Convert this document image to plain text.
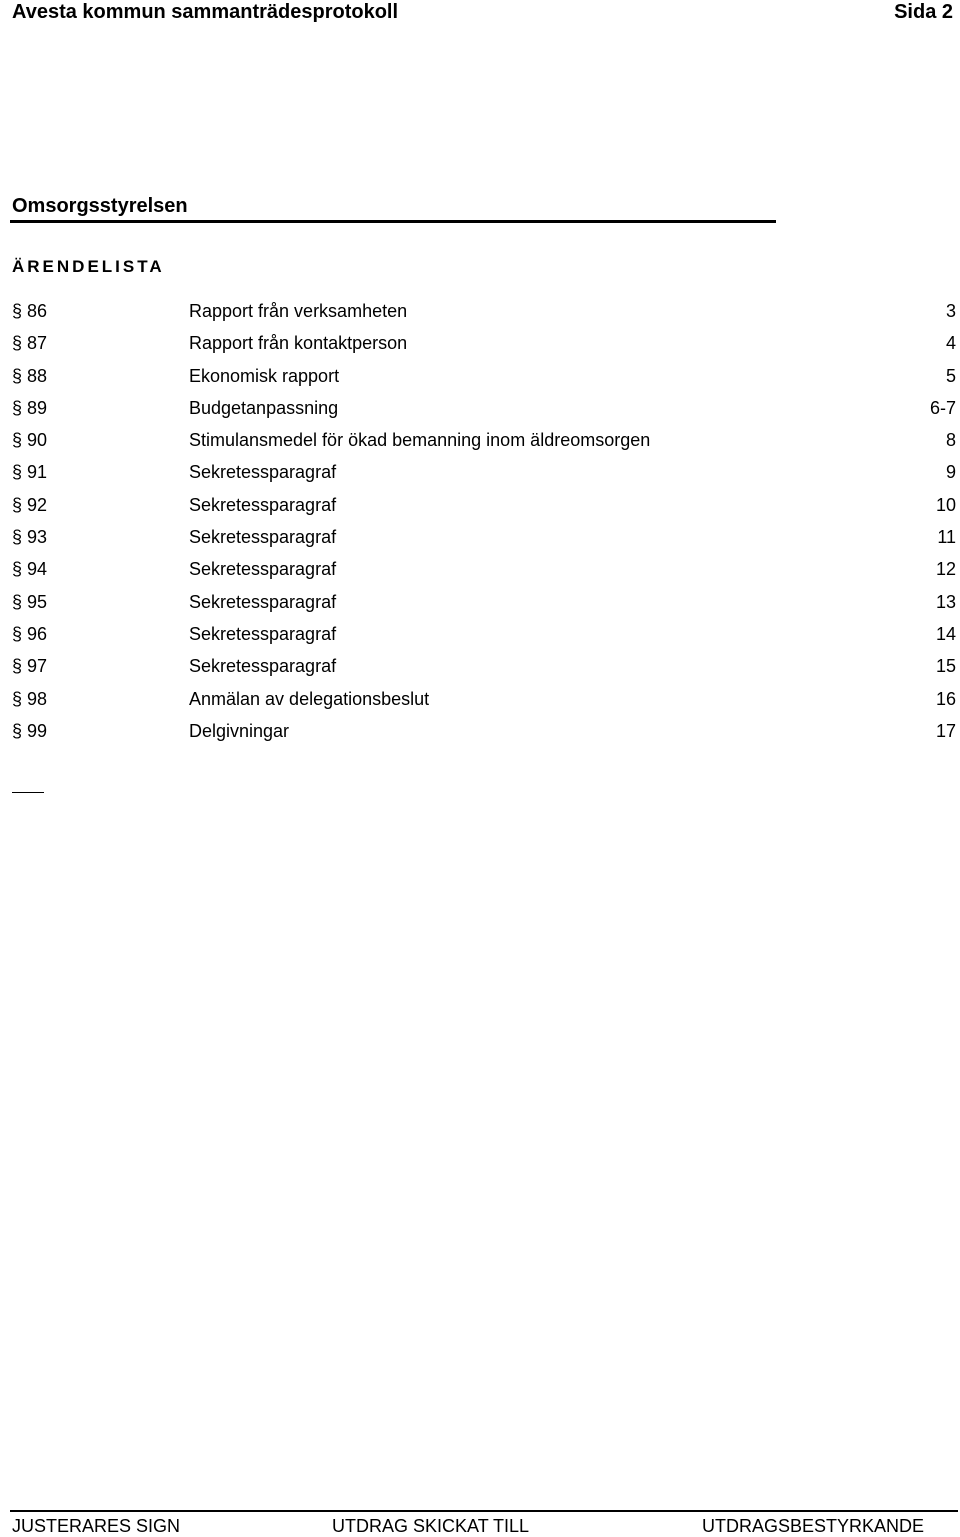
Avesta kommun sammanträdesprotokoll	Sida 2
Omsorgsstyrelsen
ÄRENDELISTA
§ 86	Rapport från verksamheten	3
§ 87	Rapport från kontaktperson	4
§ 88	Ekonomisk rapport	5
§ 89	Budgetanpassning	6-7
§ 90	Stimulansmedel för ökad bemanning inom äldreomsorgen	8
§ 91	Sekretessparagraf	9
§ 92	Sekretessparagraf	10
§ 93	Sekretessparagraf	11
§ 94	Sekretessparagraf	12
§ 95	Sekretessparagraf	13
§ 96	Sekretessparagraf	14
§ 97	Sekretessparagraf	15
§ 98	Anmälan av delegationsbeslut	16
§ 99	Delgivningar	17
JUSTERARES SIGN	UTDRAG SKICKAT TILL	UTDRAGSBESTYRKANDE
